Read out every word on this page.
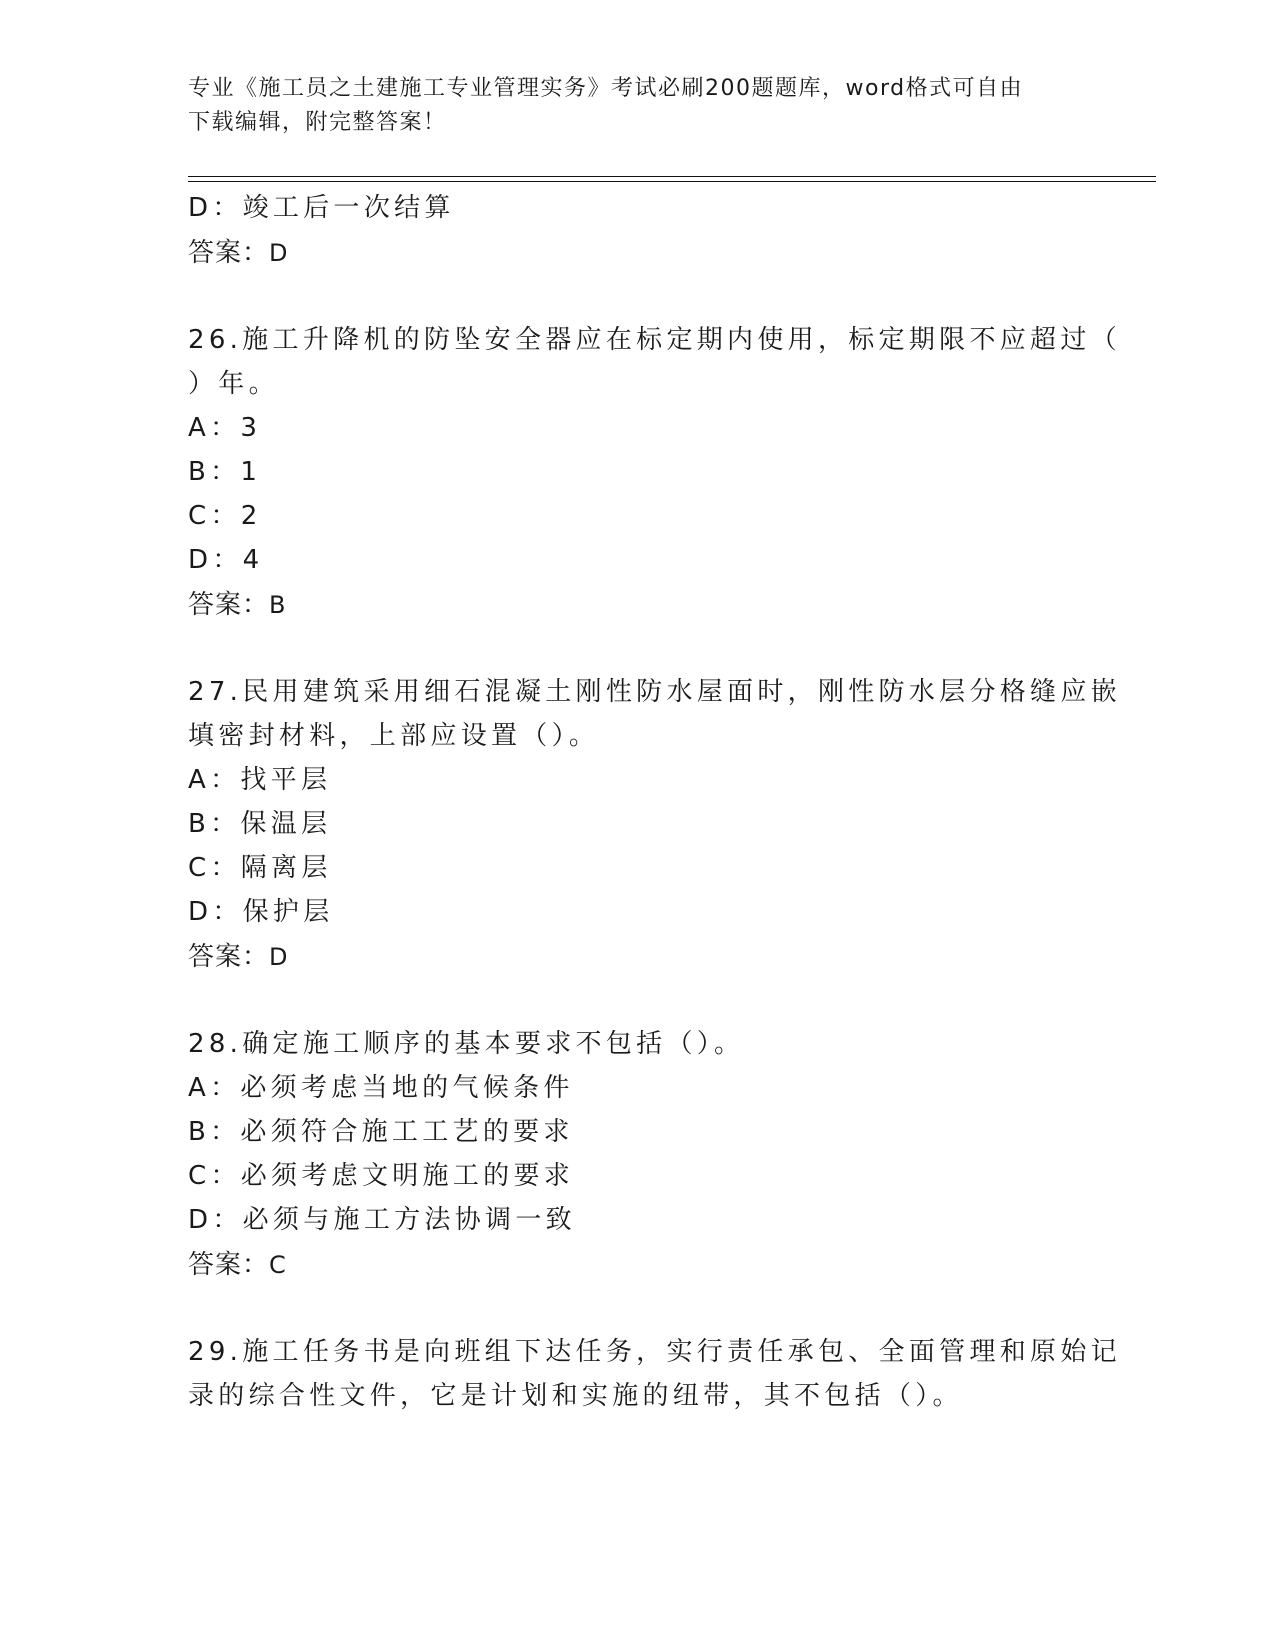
专业《施工员之土建施工专业管理实务》考试必刷200题题库，word格式可自由
下载编辑，附完整答案！
D：竣工后一次结算
答案：D
26.施工升降机的防坠安全器应在标定期内使用，标定期限不应超过（
）年。
A：3
B：1
C：2
D：4
答案：B
27.民用建筑采用细石混凝土刚性防水屋面时，刚性防水层分格缝应嵌
填密封材料，上部应设置（）。
A：找平层
B：保温层
C：隔离层
D：保护层
答案：D
28.确定施工顺序的基本要求不包括（）。
A：必须考虑当地的气候条件
B：必须符合施工工艺的要求
C：必须考虑文明施工的要求
D：必须与施工方法协调一致
答案：C
29.施工任务书是向班组下达任务，实行责任承包、全面管理和原始记
录的综合性文件，它是计划和实施的纽带，其不包括（）。
